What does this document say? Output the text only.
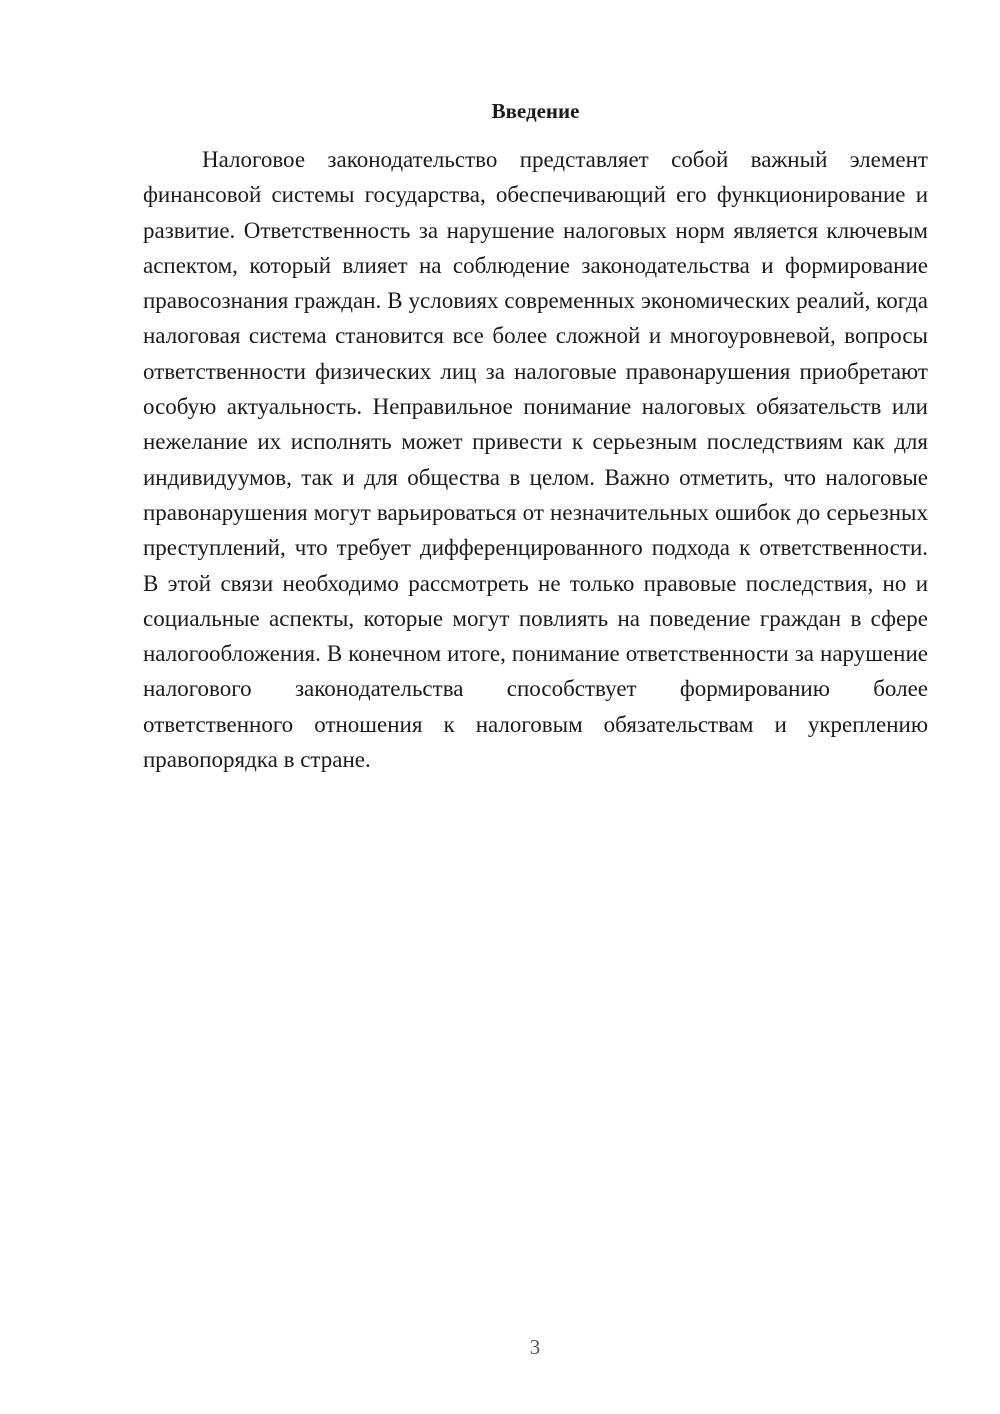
Введение

Налоговое законодательство представляет собой важный элемент финансовой системы государства, обеспечивающий его функционирование и развитие. Ответственность за нарушение налоговых норм является ключевым аспектом, который влияет на соблюдение законодательства и формирование правосознания граждан. В условиях современных экономических реалий, когда налоговая система становится все более сложной и многоуровневой, вопросы ответственности физических лиц за налоговые правонарушения приобретают особую актуальность. Неправильное понимание налоговых обязательств или нежелание их исполнять может привести к серьезным последствиям как для индивидуумов, так и для общества в целом. Важно отметить, что налоговые правонарушения могут варьироваться от незначительных ошибок до серьезных преступлений, что требует дифференцированного подхода к ответственности. В этой связи необходимо рассмотреть не только правовые последствия, но и социальные аспекты, которые могут повлиять на поведение граждан в сфере налогообложения. В конечном итоге, понимание ответственности за нарушение налогового законодательства способствует формированию более ответственного отношения к налоговым обязательствам и укреплению правопорядка в стране.

3
